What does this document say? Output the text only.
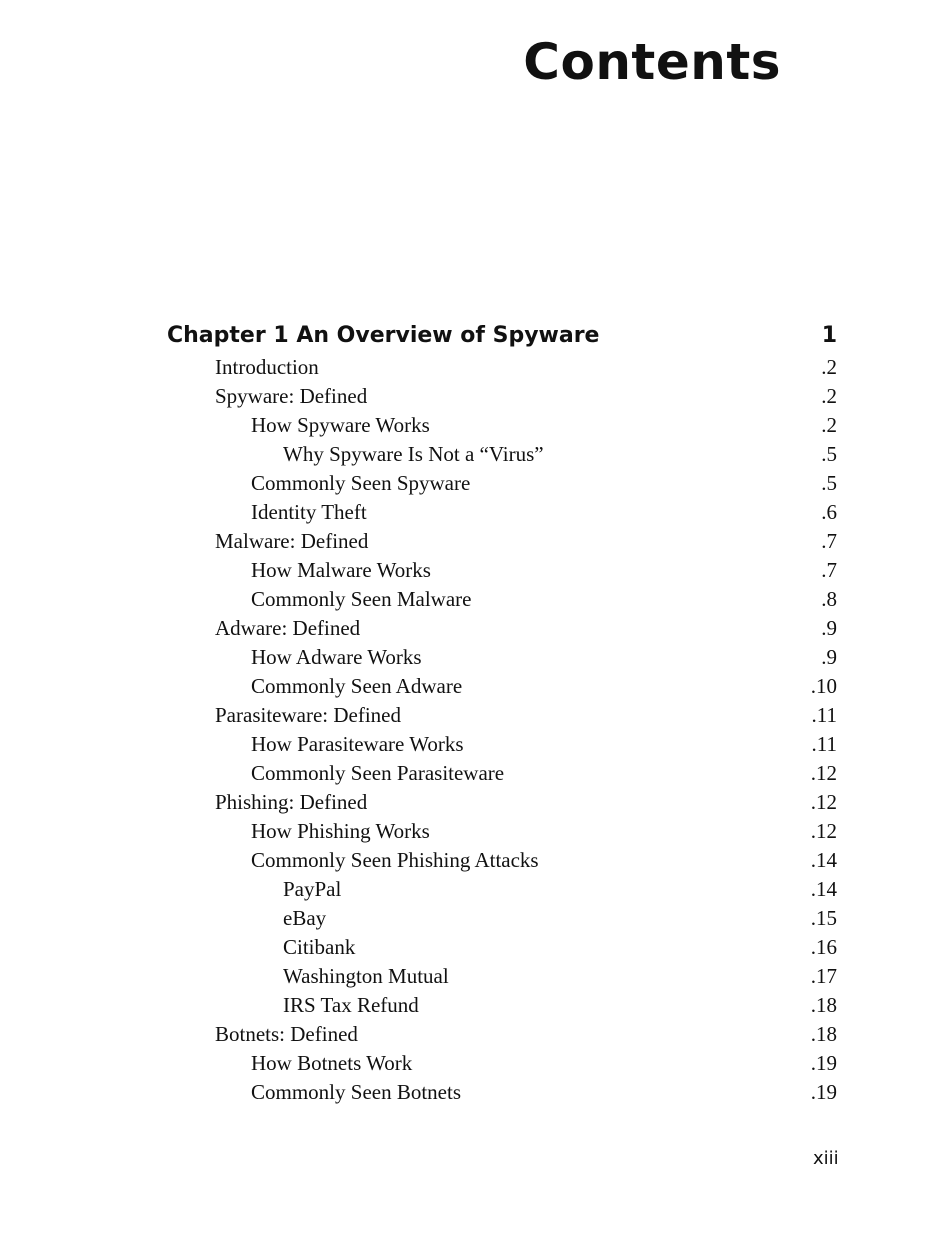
Contents
Chapter 1 An Overview of Spyware	1
Introduction	. 2
Spyware: Defined	. 2
How Spyware Works	. 2
Why Spyware Is Not a “Virus”	. 5
Commonly Seen Spyware	. 5
Identity Theft	. 6
Malware: Defined	. 7
How Malware Works	. 7
Commonly Seen Malware	. 8
Adware: Defined	. 9
How Adware Works	. 9
Commonly Seen Adware	. 10
Parasiteware: Defined	. 11
How Parasiteware Works	. 11
Commonly Seen Parasiteware	. 12
Phishing: Defined	. 12
How Phishing Works	. 12
Commonly Seen Phishing Attacks	. 14
PayPal	. 14
eBay	. 15
Citibank	. 16
Washington Mutual	. 17
IRS Tax Refund	. 18
Botnets: Defined	. 18
How Botnets Work	. 19
Commonly Seen Botnets	. 19

xiii
